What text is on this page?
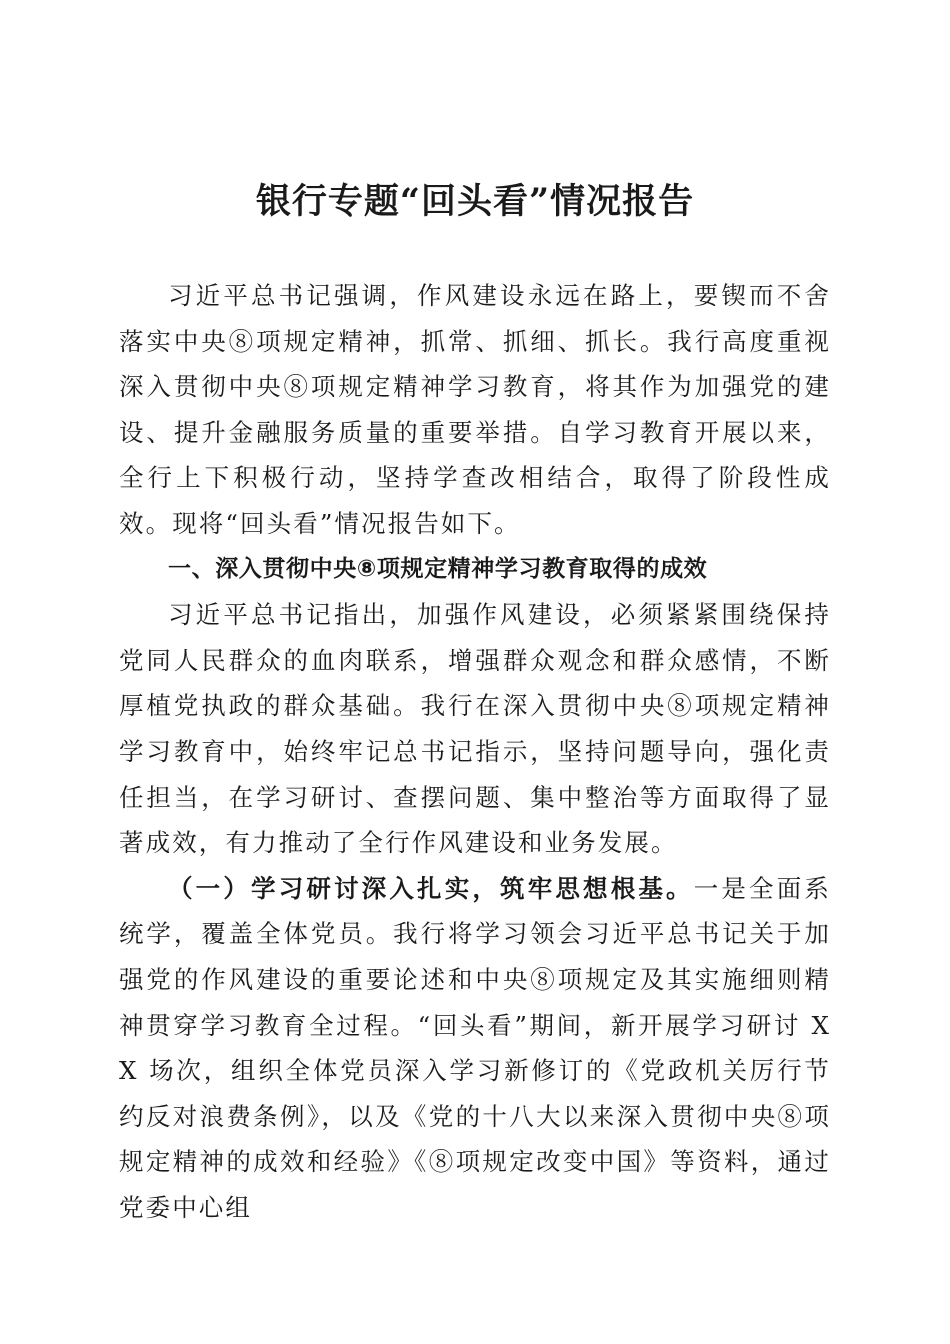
银行专题“回头看”情况报告

习近平总书记强调，作风建设永远在路上，要锲而不舍落实中央⑧项规定精神，抓常、抓细、抓长。我行高度重视深入贯彻中央⑧项规定精神学习教育，将其作为加强党的建设、提升金融服务质量的重要举措。自学习教育开展以来，全行上下积极行动，坚持学查改相结合，取得了阶段性成效。现将“回头看”情况报告如下。

一、深入贯彻中央⑧项规定精神学习教育取得的成效

习近平总书记指出，加强作风建设，必须紧紧围绕保持党同人民群众的血肉联系，增强群众观念和群众感情，不断厚植党执政的群众基础。我行在深入贯彻中央⑧项规定精神学习教育中，始终牢记总书记指示，坚持问题导向，强化责任担当，在学习研讨、查摆问题、集中整治等方面取得了显著成效，有力推动了全行作风建设和业务发展。

（一）学习研讨深入扎实，筑牢思想根基。一是全面系统学，覆盖全体党员。我行将学习领会习近平总书记关于加强党的作风建设的重要论述和中央⑧项规定及其实施细则精神贯穿学习教育全过程。“回头看”期间，新开展学习研讨 XX 场次，组织全体党员深入学习新修订的《党政机关厉行节约反对浪费条例》，以及《党的十八大以来深入贯彻中央⑧项规定精神的成效和经验》《⑧项规定改变中国》等资料，通过党委中心组
